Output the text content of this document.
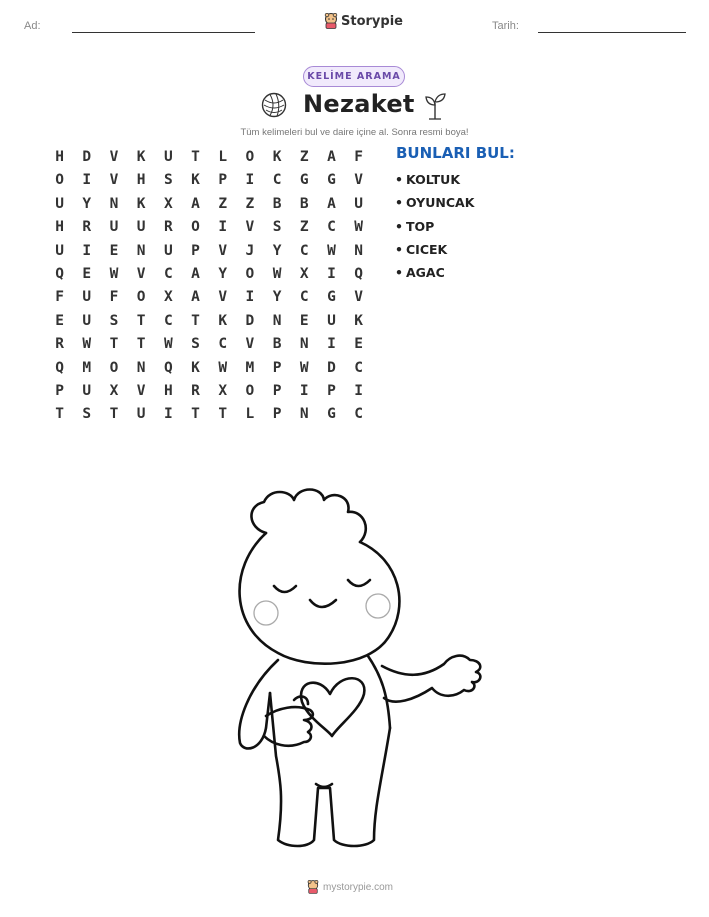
Ad:	Storypie	Tarih:
KELİME ARAMA
Nezaket
Tüm kelimeleri bul ve daire içine al. Sonra resmi boya!
H	D	V	K	U	T	L	O	K	Z	A	F
O	I	V	H	S	K	P	I	C	G	G	V
U	Y	N	K	X	A	Z	Z	B	B	A	U
H	R	U	U	R	O	I	V	S	Z	C	W
U	I	E	N	U	P	V	J	Y	C	W	N
Q	E	W	V	C	A	Y	O	W	X	I	Q
F	U	F	O	X	A	V	I	Y	C	G	V
E	U	S	T	C	T	K	D	N	E	U	K
R	W	T	T	W	S	C	V	B	N	I	E
Q	M	O	N	Q	K	W	M	P	W	D	C
P	U	X	V	H	R	X	O	P	I	P	I
T	S	T	U	I	T	T	L	P	N	G	C
BUNLARI BUL:
• KOLTUK
• OYUNCAK
• TOP
• CICEK
• AGAC
mystorypie.com
